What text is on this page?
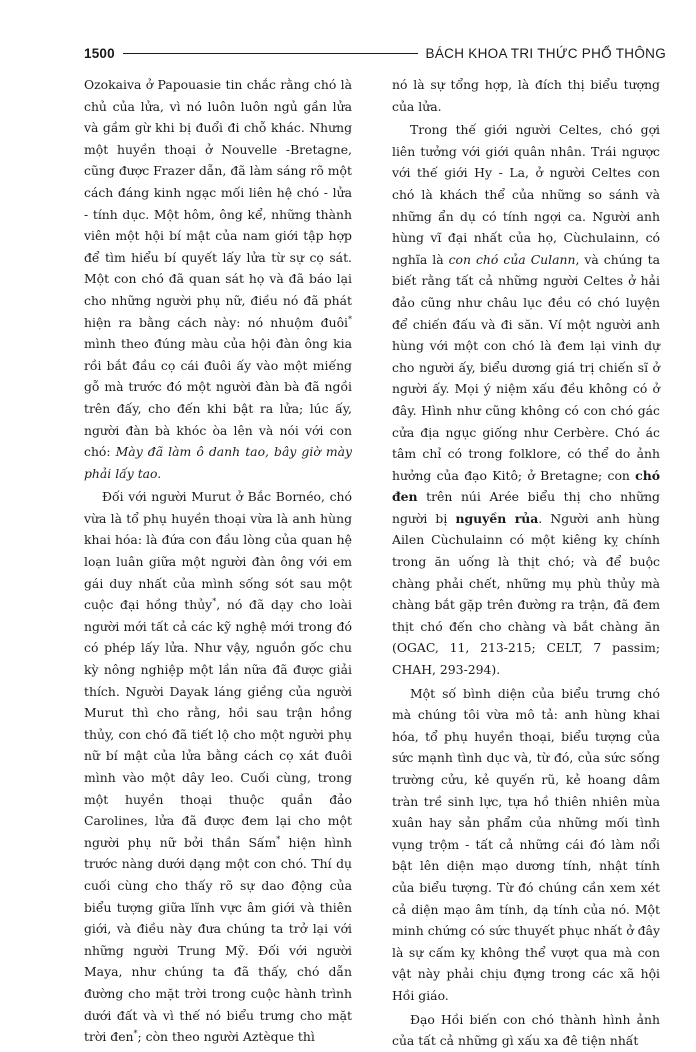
1500	BÁCH KHOA TRI THỨC PHỔ THÔNG

Ozokaiva ở Papouasie tin chắc rằng chó là chủ của lửa, vì nó luôn luôn ngủ gần lửa và gầm gừ khi bị đuổi đi chỗ khác. Nhưng một huyền thoại ở Nouvelle -Bretagne, cũng được Frazer dẫn, đã làm sáng rõ một cách đáng kinh ngạc mối liên hệ chó - lửa - tính dục. Một hôm, ông kể, những thành viên một hội bí mật của nam giới tập hợp để tìm hiểu bí quyết lấy lửa từ sự cọ sát. Một con chó đã quan sát họ và đã báo lại cho những người phụ nữ, điều nó đã phát hiện ra bằng cách này: nó nhuộm đuôi* mình theo đúng màu của hội đàn ông kia rồi bắt đầu cọ cái đuôi ấy vào một miếng gỗ mà trước đó một người đàn bà đã ngồi trên đấy, cho đến khi bật ra lửa; lúc ấy, người đàn bà khóc òa lên và nói với con chó: Mày đã làm ô danh tao, bây giờ mày phải lấy tao.

Đối với người Murut ở Bắc Bornéo, chó vừa là tổ phụ huyền thoại vừa là anh hùng khai hóa: là đứa con đầu lòng của quan hệ loạn luân giữa một người đàn ông với em gái duy nhất của mình sống sót sau một cuộc đại hồng thủy*, nó đã dạy cho loài người mới tất cả các kỹ nghệ mới trong đó có phép lấy lửa. Như vậy, nguồn gốc chu kỳ nông nghiệp một lần nữa đã được giải thích. Người Dayak láng giềng của người Murut thì cho rằng, hồi sau trận hồng thủy, con chó đã tiết lộ cho một người phụ nữ bí mật của lửa bằng cách cọ xát đuôi mình vào một dây leo. Cuối cùng, trong một huyền thoại thuộc quần đảo Carolines, lửa đã được đem lại cho một người phụ nữ bởi thần Sấm* hiện hình trước nàng dưới dạng một con chó. Thí dụ cuối cùng cho thấy rõ sự dao động của biểu tượng giữa lĩnh vực âm giới và thiên giới, và điều này đưa chúng ta trở lại với những người Trung Mỹ. Đối với người Maya, như chúng ta đã thấy, chó dẫn đường cho mặt trời trong cuộc hành trình dưới đất và vì thế nó biểu trưng cho mặt trời đen*; còn theo người Aztèque thì

nó là sự tổng hợp, là đích thị biểu tượng của lửa.

Trong thế giới người Celtes, chó gợi liên tưởng với giới quân nhân. Trái ngược với thế giới Hy - La, ở người Celtes con chó là khách thể của những so sánh và những ẩn dụ có tính ngợi ca. Người anh hùng vĩ đại nhất của họ, Cùchulainn, có nghĩa là con chó của Culann, và chúng ta biết rằng tất cả những người Celtes ở hải đảo cũng như châu lục đều có chó luyện để chiến đấu và đi săn. Ví một người anh hùng với một con chó là đem lại vinh dự cho người ấy, biểu dương giá trị chiến sĩ ở người ấy. Mọi ý niệm xấu đều không có ở đây. Hình như cũng không có con chó gác cửa địa ngục giống như Cerbère. Chó ác tâm chỉ có trong folklore, có thể do ảnh hưởng của đạo Kitô; ở Bretagne; con chó đen trên núi Arée biểu thị cho những người bị nguyền rủa. Người anh hùng Ailen Cùchulainn có một kiêng kỵ chính trong ăn uống là thịt chó; và để buộc chàng phải chết, những mụ phù thủy mà chàng bắt gặp trên đường ra trận, đã đem thịt chó đến cho chàng và bắt chàng ăn (OGAC, 11, 213-215; CELT, 7 passim; CHAH, 293-294).

Một số bình diện của biểu trưng chó mà chúng tôi vừa mô tả: anh hùng khai hóa, tổ phụ huyền thoại, biểu tượng của sức mạnh tình dục và, từ đó, của sức sống trường cửu, kẻ quyến rũ, kẻ hoang dâm tràn trề sinh lực, tựa hồ thiên nhiên mùa xuân hay sản phẩm của những mối tình vụng trộm - tất cả những cái đó làm nổi bật lên diện mạo dương tính, nhật tính của biểu tượng. Từ đó chúng cần xem xét cả diện mạo âm tính, dạ tính của nó. Một minh chứng có sức thuyết phục nhất ở đây là sự cấm kỵ không thể vượt qua mà con vật này phải chịu đựng trong các xã hội Hồi giáo.

Đạo Hồi biến con chó thành hình ảnh của tất cả những gì xấu xa đê tiện nhất
